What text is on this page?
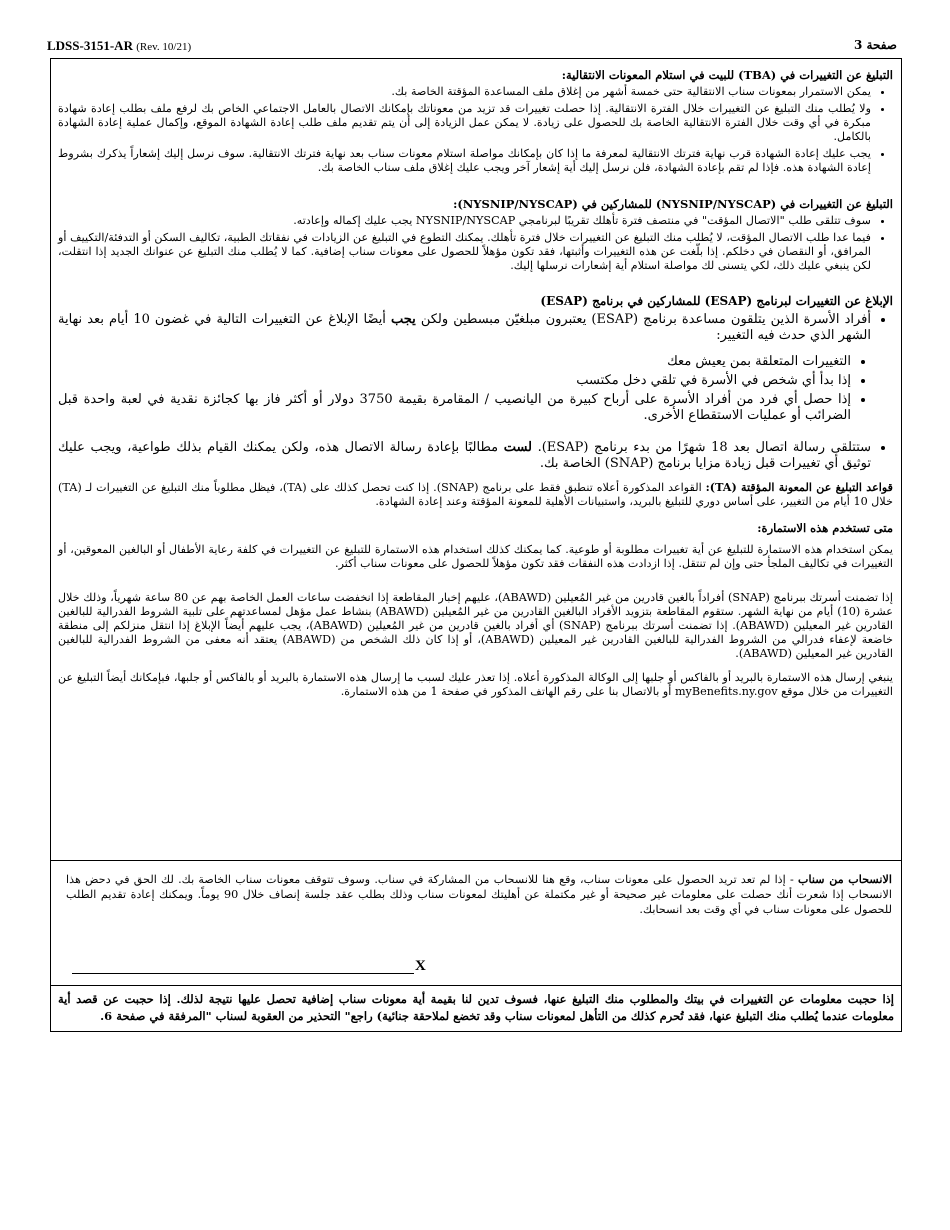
LDSS-3151-AR (Rev. 10/21)	صفحة 3
التبليغ عن التغييرات في (TBA) للبيت في استلام المعونات الانتقالية:
• يمكن الاستمرار بمعونات سناب الانتقالية حتى خمسة أشهر من إغلاق ملف المساعدة المؤقتة الخاصة بك.
• ولا يُطلب منك التبليغ عن التغييرات خلال الفترة الانتقالية. إذا حصلت تغييرات قد تزيد من معوناتك بإمكانك الاتصال بالعامل الاجتماعي الخاص بك لرفع ملف بطلب إعادة شهادة مبكرة في أي وقت خلال الفترة الانتقالية الخاصة بك للحصول على زيادة. لا يمكن عمل الزيادة إلى أن يتم تقديم ملف طلب إعادة الشهادة الموقع، وإكمال عملية إعادة الشهادة بالكامل.
• يجب عليك إعادة الشهادة قرب نهاية فترتك الانتقالية لمعرفة ما إذا كان بإمكانك مواصلة استلام معونات سناب بعد نهاية فترتك الانتقالية. سوف نرسل إليك إشعاراً يذكرك بشروط إعادة الشهادة هذه. فإذا لم تقم بإعادة الشهادة، فلن نرسل إليك أية إشعار آخر ويجب عليك إغلاق ملف سناب الخاصة بك.
التبليغ عن التغييرات في (NYSNIP/NYSCAP) للمشاركين في (NYSNIP/NYSCAP):
• سوف تتلقى طلب "الاتصال المؤقت" في منتصف فترة تأهلك تقريبًا لبرنامجي NYSNIP/NYSCAP يجب عليك إكماله وإعادته.
• فيما عدا طلب الاتصال المؤقت، لا يُطلب منك التبليغ عن التغييرات خلال فترة تأهلك. يمكنك التطوع في التبليغ عن الزيادات في نفقاتك الطبية، تكاليف السكن أو التدفئة/التكييف أو المرافق، أو النقصان في دخلكم. إذا بلّغت عن هذه التغييرات وأثبتها، فقد تكون مؤهلاً للحصول على معونات سناب إضافية. كما لا يُطلب منك التبليغ عن عنوانك الجديد إذا انتقلت، لكن ينبغي عليك ذلك، لكي يتسنى لك مواصلة استلام أية إشعارات نرسلها إليك.
الإبلاغ عن التغييرات لبرنامج (ESAP) للمشاركين في برنامج (ESAP)
• أفراد الأسرة الذين يتلقون مساعدة برنامج (ESAP) يعتبرون مبلغيّن مبسطين ولكن يجب أيضًا الإبلاغ عن التغييرات التالية في غضون 10 أيام بعد نهاية الشهر الذي حدث فيه التغيير:
• التغييرات المتعلقة بمن يعيش معك
• إذا بدأ أي شخص في الأسرة في تلقي دخل مكتسب
• إذا حصل أي فرد من أفراد الأسرة على أرباح كبيرة من اليانصيب / المقامرة بقيمة 3750 دولار أو أكثر فاز بها كجائزة نقدية في لعبة واحدة قبل الضرائب أو عمليات الاستقطاع الأخرى.
• ستتلقى رسالة اتصال بعد 18 شهرًا من بدء برنامج (ESAP). لست مطالبًا بإعادة رسالة الاتصال هذه، ولكن يمكنك القيام بذلك طواعية، ويجب عليك توثيق أي تغييرات قبل زيادة مزايا برنامج (SNAP) الخاصة بك.

قواعد التبليغ عن المعونة المؤقتة (TA): القواعد المذكورة أعلاه تنطبق فقط على برنامج (SNAP). إذا كنت تحصل كذلك على (TA)، فيظل مطلوباً منك التبليغ عن التغييرات لـ (TA) خلال 10 أيام من التغيير، على أساس دوري للتبليغ بالبريد، واستبيانات الأهلية للمعونة المؤقتة وعند إعادة الشهادة.

متى تستخدم هذه الاستمارة:

يمكن استخدام هذه الاستمارة للتبليغ عن أية تغييرات مطلوبة أو طوعية. كما يمكنك كذلك استخدام هذه الاستمارة للتبليغ عن التغييرات في كلفة رعاية الأطفال أو البالغين المعوقين، أو التغييرات في تكاليف الملجأ حتى وإن لم تنتقل. إذا ازدادت هذه النفقات فقد تكون مؤهلاً للحصول على معونات سناب أكثر.

إذا تضمنت أسرتك ببرنامج (SNAP) أفراداً بالغين قادرين من غير المُعيلين (ABAWD)، عليهم إخبار المقاطعة إذا انخفضت ساعات العمل الخاصة بهم عن 80 ساعة شهرياً، وذلك خلال عشرة (10) أيام من نهاية الشهر. ستقوم المقاطعة بتزويد الأفراد البالغين القادرين من غير المُعيلين (ABAWD) بنشاط عمل مؤهل لمساعدتهم على تلبية الشروط الفدرالية للبالغين القادرين غير المعيلين (ABAWD). إذا تضمنت أسرتك ببرنامج (SNAP) أي أفراد بالغين قادرين من غير المُعيلين (ABAWD)، يجب عليهم أيضاً الإبلاغ إذا انتقل منزلكم إلى منطقة خاضعة لإعفاء فدرالي من الشروط الفدرالية للبالغين القادرين غير المعيلين (ABAWD)، أو إذا كان ذلك الشخص من (ABAWD) يعتقد أنه معفى من الشروط الفدرالية للبالغين القادرين غير المعيلين (ABAWD).

ينبغي إرسال هذه الاستمارة بالبريد أو بالفاكس أو جلبها إلى الوكالة المذكورة أعلاه. إذا تعذر عليك لسبب ما إرسال هذه الاستمارة بالبريد أو بالفاكس أو جلبها، فبإمكانك أيضاً التبليغ عن التغييرات من خلال موقع myBenefits.ny.gov أو بالاتصال بنا على رقم الهاتف المذكور في صفحة 1 من هذه الاستمارة.

الانسحاب من سناب - إذا لم تعد تريد الحصول على معونات سناب، وقع هنا للانسحاب من المشاركة في سناب. وسوف تتوقف معونات سناب الخاصة بك. لك الحق في دحض هذا الانسحاب إذا شعرت أنك حصلت على معلومات غير صحيحة أو غير مكتملة عن أهليتك لمعونات سناب وذلك بطلب عقد جلسة إنصاف خلال 90 يوماً. ويمكنك إعادة تقديم الطلب للحصول على معونات سناب في أي وقت بعد انسحابك.
X
إذا حجبت معلومات عن التغييرات في بيتك والمطلوب منك التبليغ عنها، فسوف تدين لنا بقيمة أية معونات سناب إضافية تحصل عليها نتيجة لذلك. إذا حجبت عن قصد أية معلومات عندما يُطلب منك التبليغ عنها، فقد تُحرم كذلك من التأهل لمعونات سناب وقد تخضع لملاحقة جنائية) راجع" التحذير من العقوبة لسناب "المرفقة في صفحة 6.
